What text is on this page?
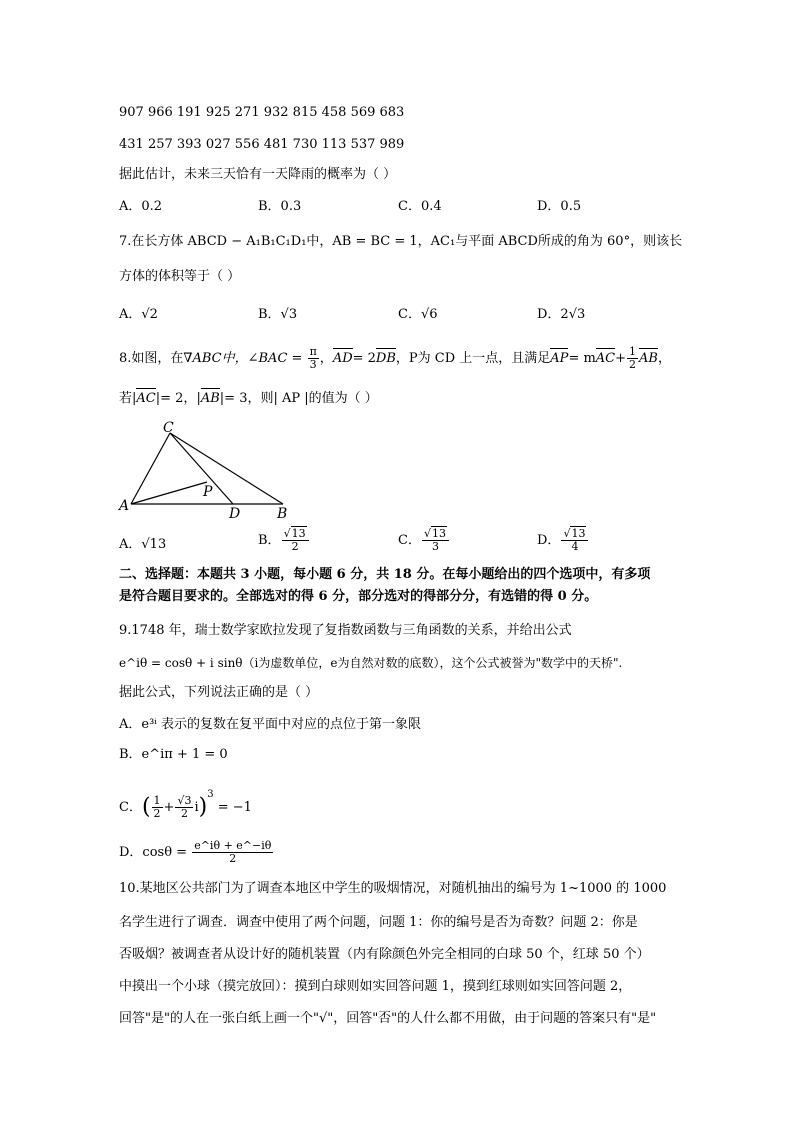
907 966 191 925 271 932 815 458 569 683
431 257 393 027 556 481 730 113 537 989
据此估计，未来三天恰有一天降雨的概率为（ ）
A．0.2	B．0.3	C．0.4	D．0.5
7.在长方体 ABCD − A₁B₁C₁D₁中，AB = BC = 1，AC₁与平面 ABCD所成的角为 60°，则该长
方体的体积等于（ ）
A．√2	B．√3	C．√6	D．2√3
8.如图，在∇ABC中，∠BAC = $\frac{\pi}{3}$ ，AD= 2DB，P为 CD 上一点，且满足$AP= mAC+ \frac{1}{2}$ AB，
若|AC|= 2，|AB|= 3，则| AP |的值为（ ）
C
A
P
D	B
A．√13	B． $\frac{√13}{2}$	C． $\frac{√13}{3}$	D． $\frac{√13}{4}$
二、选择题：本题共 3 小题，每小题 6 分，共 18 分。在每小题给出的四个选项中，有多项
是符合题目要求的。全部选对的得 6 分，部分选对的得部分分，有选错的得 0 分。
9.1748 年，瑞士数学家欧拉发现了复指数函数与三角函数的关系，并给出公式
e^iθ = cosθ + i sinθ（i为虚数单位，e为自然对数的底数），这个公式被誉为"数学中的天桥".
据此公式，下列说法正确的是（ ）
A．e³ⁱ 表示的复数在复平面中对应的点位于第一象限
B．e^iπ + 1 = 0
C．( $\frac{1}{2} + \frac{√3}{2} i)^3 = -1$
D．$\cos\theta = \frac{e\^{}i\theta + e\^{}-i\theta}{2}$
10.某地区公共部门为了调查本地区中学生的吸烟情况，对随机抽出的编号为 1~1000 的 1000
名学生进行了调查．调查中使用了两个问题，问题 1：你的编号是否为奇数？问题 2：你是
否吸烟？被调查者从设计好的随机装置（内有除颜色外完全相同的白球 50 个，红球 50 个）
中摸出一个小球（摸完放回）：摸到白球则如实回答问题 1，摸到红球则如实回答问题 2，
回答"是"的人在一张白纸上画一个"√"，回答"否"的人什么都不用做，由于问题的答案只有"是"
